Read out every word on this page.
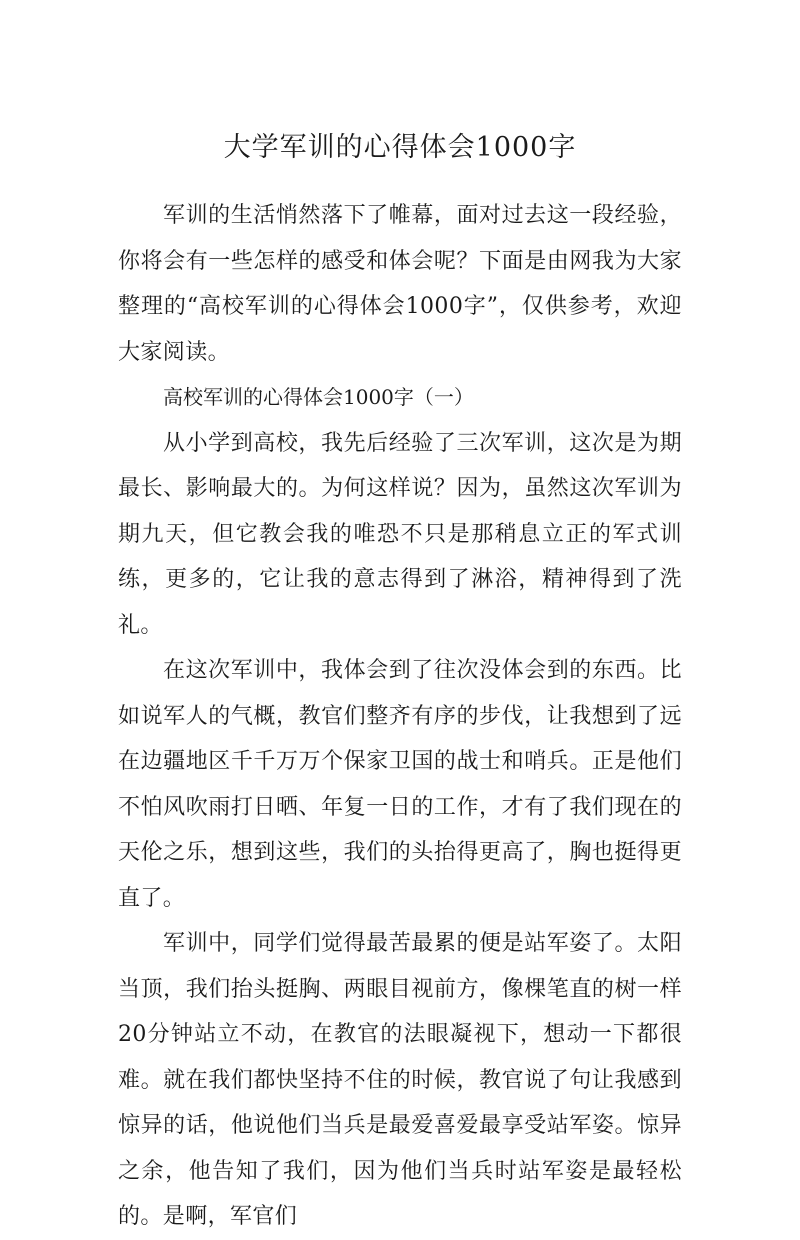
大学军训的心得体会1000字

军训的生活悄然落下了帷幕，面对过去这一段经验，你将会有一些怎样的感受和体会呢？下面是由网我为大家整理的“高校军训的心得体会1000字”，仅供参考，欢迎大家阅读。

高校军训的心得体会1000字（一）

从小学到高校，我先后经验了三次军训，这次是为期最长、影响最大的。为何这样说？因为，虽然这次军训为期九天，但它教会我的唯恐不只是那稍息立正的军式训练，更多的，它让我的意志得到了淋浴，精神得到了洗礼。

在这次军训中，我体会到了往次没体会到的东西。比如说军人的气概，教官们整齐有序的步伐，让我想到了远在边疆地区千千万万个保家卫国的战士和哨兵。正是他们不怕风吹雨打日晒、年复一日的工作，才有了我们现在的天伦之乐，想到这些，我们的头抬得更高了，胸也挺得更直了。

军训中，同学们觉得最苦最累的便是站军姿了。太阳当顶，我们抬头挺胸、两眼目视前方，像棵笔直的树一样20分钟站立不动，在教官的法眼凝视下，想动一下都很难。就在我们都快坚持不住的时候，教官说了句让我感到惊异的话，他说他们当兵是最爱喜爱最享受站军姿。惊异之余，他告知了我们，因为他们当兵时站军姿是最轻松的。是啊，军官们
